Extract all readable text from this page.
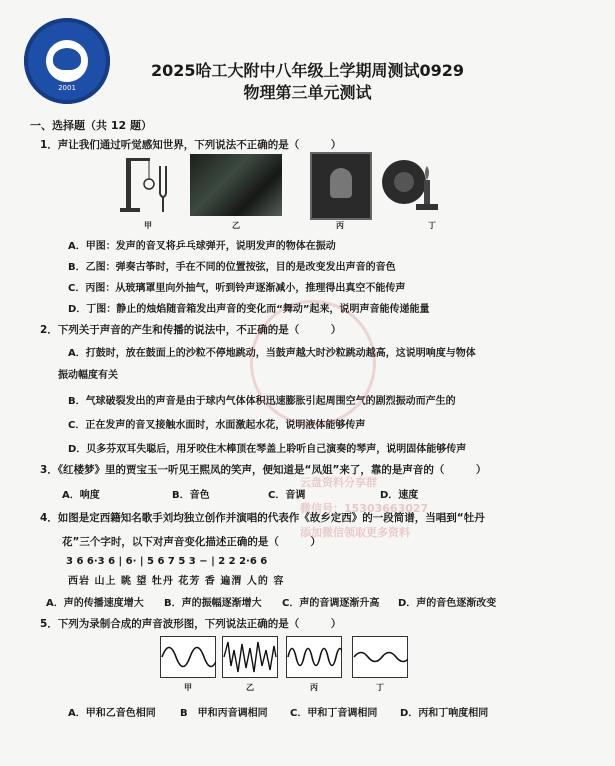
2001
2025哈工大附中八年级上学期周测试0929
物理第三单元测试
一、选择题（共 12 题）
1．声让我们通过听觉感知世界，下列说法不正确的是（　　　）
甲	乙	丙	丁
A．甲图：发声的音叉将乒乓球弹开，说明发声的物体在振动
B．乙图：弹奏古筝时，手在不同的位置按弦，目的是改变发出声音的音色
C．丙图：从玻璃罩里向外抽气，听到铃声逐渐减小，推理得出真空不能传声
D．丁图：静止的烛焰随音箱发出声音的变化而“舞动”起来，说明声音能传递能量
2．下列关于声音的产生和传播的说法中，不正确的是（　　　）
A．打鼓时，放在鼓面上的沙粒不停地跳动，当鼓声越大时沙粒跳动越高，这说明响度与物体
振动幅度有关
B．气球破裂发出的声音是由于球内气体体积迅速膨胀引起周围空气的剧烈振动而产生的
C．正在发声的音叉接触水面时，水面激起水花，说明液体能够传声
D．贝多芬双耳失聪后，用牙咬住木棒顶在琴盖上聆听自己演奏的琴声，说明固体能够传声
3．《红楼梦》里的贾宝玉一听见王熙凤的笑声，便知道是“凤姐”来了，靠的是声音的（　　　）
A．响度	B．音色	C．音调	D．速度
4．如图是定西籍知名歌手刘均独立创作并演唱的代表作《故乡定西》的一段简谱，当唱到“牡丹
花”三个字时，以下对声音变化描述正确的是（　　　）
3 6 6·3 6 | 6· | 5 6 7 5 3 − | 2 2 2·6 6
西岩 山上 眺 望 牡丹 花芳 香 遍渭 人的 容
A．声的传播速度增大 B．声的振幅逐渐增大 C．声的音调逐渐升高 D．声的音色逐渐改变
5．下列为录制合成的声音波形图，下列说法正确的是（　　　）
甲	乙	丙	丁
A．甲和乙音色相同 B　甲和丙音调相同 C．甲和丁音调相同 D．丙和丁响度相同
云盘资料分享群
微信号：15303663027
添加微信领取更多资料
